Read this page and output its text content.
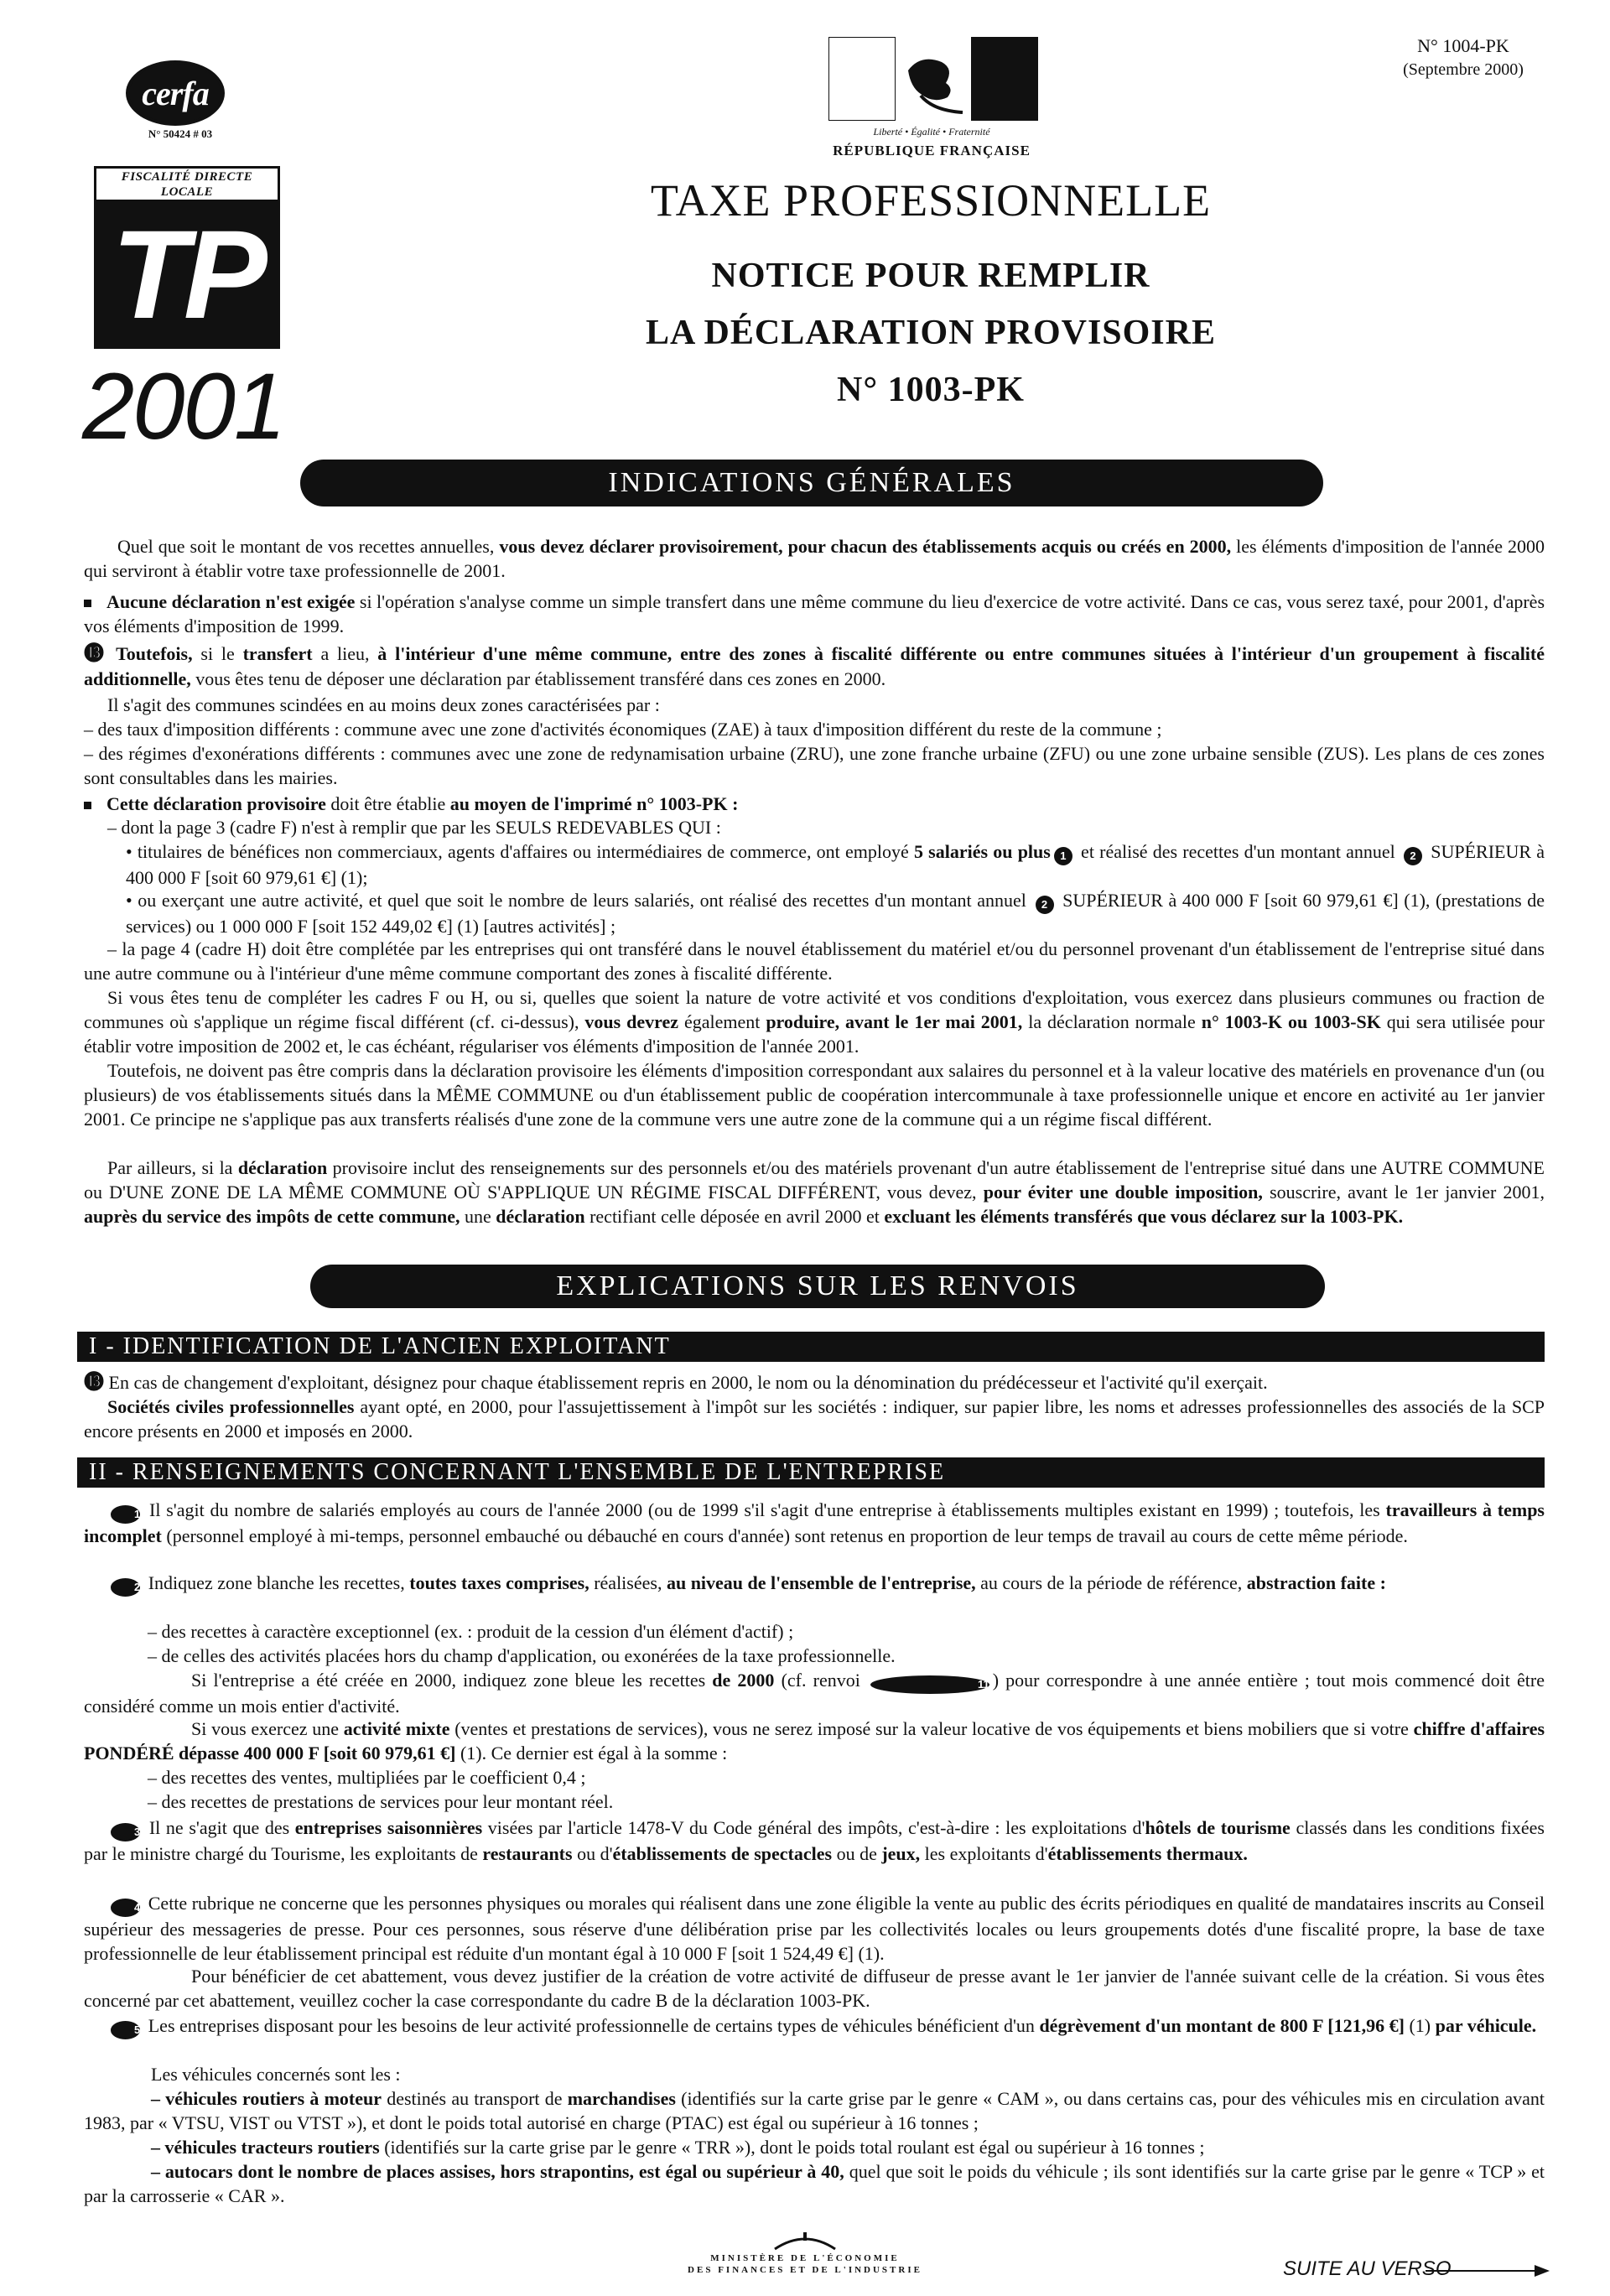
cerfa
N° 50424 # 03
FISCALITÉ DIRECTE LOCALE
TP
2001
Liberté • Égalité • Fraternité
RÉPUBLIQUE FRANÇAISE
N° 1004-PK
(Septembre 2000)
TAXE PROFESSIONNELLE
NOTICE POUR REMPLIR
LA DÉCLARATION PROVISOIRE
N° 1003-PK
INDICATIONS GÉNÉRALES
Quel que soit le montant de vos recettes annuelles, vous devez déclarer provisoirement, pour chacun des établissements acquis ou créés en 2000, les éléments d'imposition de l'année 2000 qui serviront à établir votre taxe professionnelle de 2001.
Aucune déclaration n'est exigée si l'opération s'analyse comme un simple transfert dans une même commune du lieu d'exercice de votre activité. Dans ce cas, vous serez taxé, pour 2001, d'après vos éléments d'imposition de 1999.
⓭ Toutefois, si le transfert a lieu, à l'intérieur d'une même commune, entre des zones à fiscalité différente ou entre communes situées à l'intérieur d'un groupement à fiscalité additionnelle, vous êtes tenu de déposer une déclaration par établissement transféré dans ces zones en 2000.
Il s'agit des communes scindées en au moins deux zones caractérisées par :
– des taux d'imposition différents : commune avec une zone d'activités économiques (ZAE) à taux d'imposition différent du reste de la commune ;
– des régimes d'exonérations différents : communes avec une zone de redynamisation urbaine (ZRU), une zone franche urbaine (ZFU) ou une zone urbaine sensible (ZUS). Les plans de ces zones sont consultables dans les mairies.
Cette déclaration provisoire doit être établie au moyen de l'imprimé n° 1003-PK :
– dont la page 3 (cadre F) n'est à remplir que par les SEULS REDEVABLES QUI :
• titulaires de bénéfices non commerciaux, agents d'affaires ou intermédiaires de commerce, ont employé 5 salariés ou plus 1 et réalisé des recettes d'un montant annuel 2 SUPÉRIEUR à 400 000 F [soit 60 979,61 €] (1);
• ou exerçant une autre activité, et quel que soit le nombre de leurs salariés, ont réalisé des recettes d'un montant annuel 2 SUPÉRIEUR à 400 000 F [soit 60 979,61 €] (1), (prestations de services) ou 1 000 000 F [soit 152 449,02 €] (1) [autres activités] ;
– la page 4 (cadre H) doit être complétée par les entreprises qui ont transféré dans le nouvel établissement du matériel et/ou du personnel provenant d'un établissement de l'entreprise situé dans une autre commune ou à l'intérieur d'une même commune comportant des zones à fiscalité différente.
Si vous êtes tenu de compléter les cadres F ou H, ou si, quelles que soient la nature de votre activité et vos conditions d'exploitation, vous exercez dans plusieurs communes ou fraction de communes où s'applique un régime fiscal différent (cf. ci-dessus), vous devrez également produire, avant le 1er mai 2001, la déclaration normale n° 1003-K ou 1003-SK qui sera utilisée pour établir votre imposition de 2002 et, le cas échéant, régulariser vos éléments d'imposition de l'année 2001.
Toutefois, ne doivent pas être compris dans la déclaration provisoire les éléments d'imposition correspondant aux salaires du personnel et à la valeur locative des matériels en provenance d'un (ou plusieurs) de vos établissements situés dans la MÊME COMMUNE ou d'un établissement public de coopération intercommunale à taxe professionnelle unique et encore en activité au 1er janvier 2001. Ce principe ne s'applique pas aux transferts réalisés d'une zone de la commune vers une autre zone de la commune qui a un régime fiscal différent.
Par ailleurs, si la déclaration provisoire inclut des renseignements sur des personnels et/ou des matériels provenant d'un autre établissement de l'entreprise situé dans une AUTRE COMMUNE ou D'UNE ZONE DE LA MÊME COMMUNE OÙ S'APPLIQUE UN RÉGIME FISCAL DIFFÉRENT, vous devez, pour éviter une double imposition, souscrire, avant le 1er janvier 2001, auprès du service des impôts de cette commune, une déclaration rectifiant celle déposée en avril 2000 et excluant les éléments transférés que vous déclarez sur la 1003-PK.
EXPLICATIONS SUR LES RENVOIS
I - IDENTIFICATION DE L'ANCIEN EXPLOITANT
⓭ En cas de changement d'exploitant, désignez pour chaque établissement repris en 2000, le nom ou la dénomination du prédécesseur et l'activité qu'il exerçait.
Sociétés civiles professionnelles ayant opté, en 2000, pour l'assujettissement à l'impôt sur les sociétés : indiquer, sur papier libre, les noms et adresses professionnelles des associés de la SCP encore présents en 2000 et imposés en 2000.
II - RENSEIGNEMENTS CONCERNANT L'ENSEMBLE DE L'ENTREPRISE
1 Il s'agit du nombre de salariés employés au cours de l'année 2000 (ou de 1999 s'il s'agit d'une entreprise à établissements multiples existant en 1999) ; toutefois, les travailleurs à temps incomplet (personnel employé à mi-temps, personnel embauché ou débauché en cours d'année) sont retenus en proportion de leur temps de travail au cours de cette même période.
2 Indiquez zone blanche les recettes, toutes taxes comprises, réalisées, au niveau de l'ensemble de l'entreprise, au cours de la période de référence, abstraction faite :
– des recettes à caractère exceptionnel (ex. : produit de la cession d'un élément d'actif) ;
– de celles des activités placées hors du champ d'application, ou exonérées de la taxe professionnelle.
Si l'entreprise a été créée en 2000, indiquez zone bleue les recettes de 2000 (cf. renvoi	11 ) pour correspondre à une année entière ; tout mois commencé doit être considéré comme un mois entier d'activité.
Si vous exercez une activité mixte (ventes et prestations de services), vous ne serez imposé sur la valeur locative de vos équipements et biens mobiliers que si votre chiffre d'affaires PONDÉRÉ dépasse 400 000 F [soit 60 979,61 €] (1). Ce dernier est égal à la somme :
– des recettes des ventes, multipliées par le coefficient 0,4 ;
– des recettes de prestations de services pour leur montant réel.
3 Il ne s'agit que des entreprises saisonnières visées par l'article 1478-V du Code général des impôts, c'est-à-dire : les exploitations d'hôtels de tourisme classés dans les conditions fixées par le ministre chargé du Tourisme, les exploitants de restaurants ou d'établissements de spectacles ou de jeux, les exploitants d'établissements thermaux.
4 Cette rubrique ne concerne que les personnes physiques ou morales qui réalisent dans une zone éligible la vente au public des écrits périodiques en qualité de mandataires inscrits au Conseil supérieur des messageries de presse. Pour ces personnes, sous réserve d'une délibération prise par les collectivités locales ou leurs groupements dotés d'une fiscalité propre, la base de taxe professionnelle de leur établissement principal est réduite d'un montant égal à 10 000 F [soit 1 524,49 €] (1).
Pour bénéficier de cet abattement, vous devez justifier de la création de votre activité de diffuseur de presse avant le 1er janvier de l'année suivant celle de la création. Si vous êtes concerné par cet abattement, veuillez cocher la case correspondante du cadre B de la déclaration 1003-PK.
5 Les entreprises disposant pour les besoins de leur activité professionnelle de certains types de véhicules bénéficient d'un dégrèvement d'un montant de 800 F [121,96 €] (1) par véhicule.
Les véhicules concernés sont les :
– véhicules routiers à moteur destinés au transport de marchandises (identifiés sur la carte grise par le genre « CAM », ou dans certains cas, pour des véhicules mis en circulation avant 1983, par « VTSU, VIST ou VTST »), et dont le poids total autorisé en charge (PTAC) est égal ou supérieur à 16 tonnes ;
– véhicules tracteurs routiers (identifiés sur la carte grise par le genre « TRR »), dont le poids total roulant est égal ou supérieur à 16 tonnes ;
– autocars dont le nombre de places assises, hors strapontins, est égal ou supérieur à 40, quel que soit le poids du véhicule ; ils sont identifiés sur la carte grise par le genre « TCP » et par la carrosserie « CAR ».
MINISTÈRE DE L'ÉCONOMIE
DES FINANCES ET DE L'INDUSTRIE	SUITE AU VERSO
